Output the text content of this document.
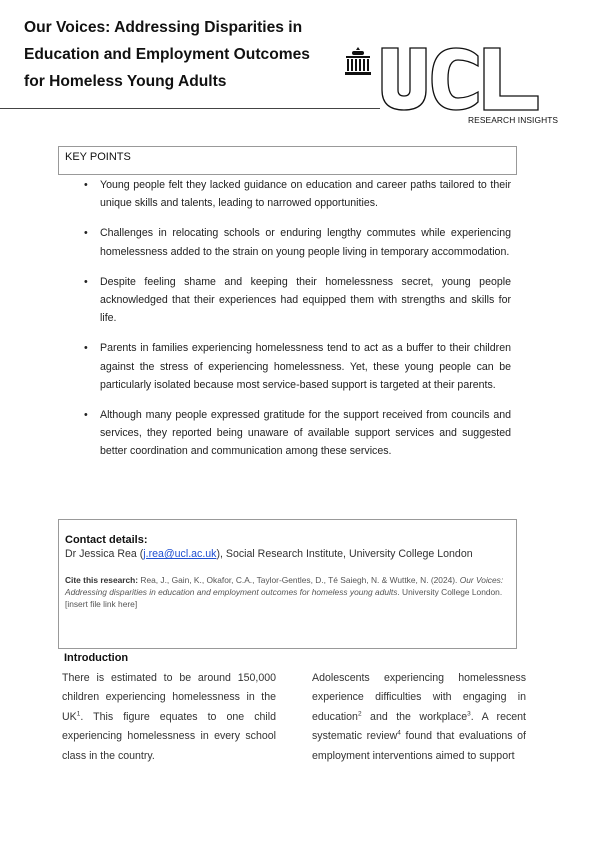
Our Voices: Addressing Disparities in
Education and Employment Outcomes
for Homeless Young Adults
RESEARCH INSIGHTS
KEY POINTS
• Young people felt they lacked guidance on education and career paths tailored to their unique skills and talents, leading to narrowed opportunities.
• Challenges in relocating schools or enduring lengthy commutes while experiencing homelessness added to the strain on young people living in temporary accommodation.
• Despite feeling shame and keeping their homelessness secret, young people acknowledged that their experiences had equipped them with strengths and skills for life.
• Parents in families experiencing homelessness tend to act as a buffer to their children against the stress of experiencing homelessness. Yet, these young people can be particularly isolated because most service-based support is targeted at their parents.
• Although many people expressed gratitude for the support received from councils and services, they reported being unaware of available support services and suggested better coordination and communication among these services.
Contact details:
Dr Jessica Rea (j.rea@ucl.ac.uk), Social Research Institute, University College London
Cite this research: Rea, J., Gain, K., Okafor, C.A., Taylor-Gentles, D., Té Saiegh, N. & Wuttke, N. (2024). Our Voices: Addressing disparities in education and employment outcomes for homeless young adults. University College London. [insert file link here]
Introduction
There is estimated to be around 150,000 children experiencing homelessness in the $UK^1$. This figure equates to one child experiencing homelessness in every school class in the country.
Adolescents experiencing homelessness experience difficulties with engaging in education$^2$ and the workplace$^3$. A recent systematic review$^4$ found that evaluations of employment interventions aimed to support
